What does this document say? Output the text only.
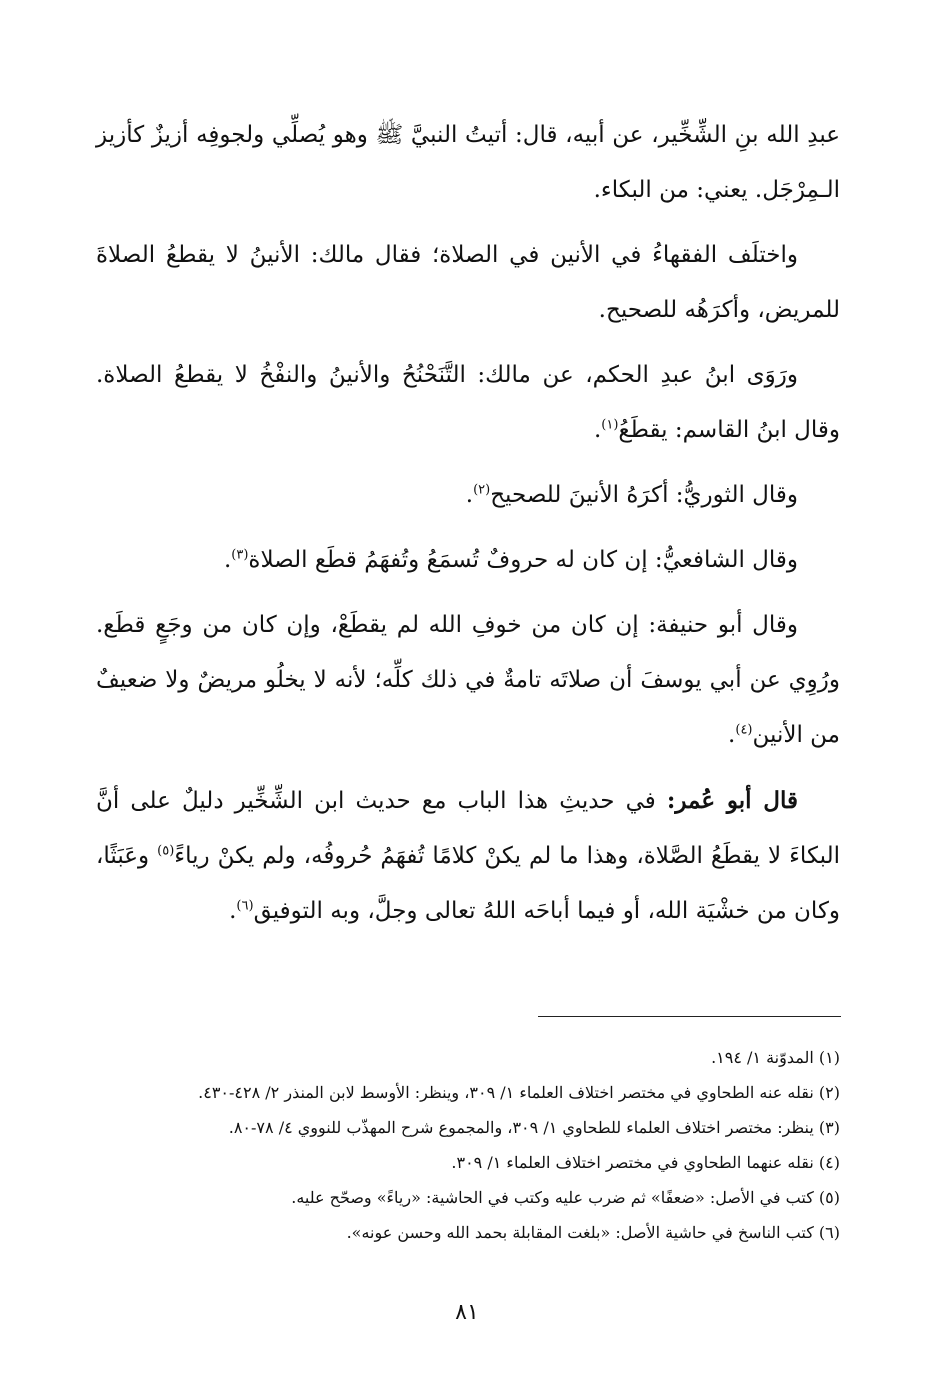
عبدِ الله بنِ الشِّخِّير، عن أبيه، قال: أتيتُ النبيَّ ﷺ وهو يُصلِّي ولجوفِه أزيزٌ كأزيز الـمِرْجَل. يعني: من البكاء.

واختلَف الفقهاءُ في الأنين في الصلاة؛ فقال مالك: الأنينُ لا يقطعُ الصلاةَ للمريض، وأكرَهُه للصحيح.

ورَوَى ابنُ عبدِ الحكم، عن مالك: التَّنَحْنُحُ والأنينُ والنفْخُ لا يقطعُ الصلاة. وقال ابنُ القاسم: يقطَعُ$^{(١)}$.

وقال الثوريُّ: أكرَهُ الأنينَ للصحيح$^{(٢)}$.

وقال الشافعيُّ: إن كان له حروفٌ تُسمَعُ وتُفهَمُ قطَع الصلاة$^{(٣)}$.

وقال أبو حنيفة: إن كان من خوفِ الله لم يقطَعْ، وإن كان من وجَعٍ قطَع. ورُوِي عن أبي يوسفَ أن صلاتَه تامةٌ في ذلك كلِّه؛ لأنه لا يخلُو مريضٌ ولا ضعيفٌ من الأنين$^{(٤)}$.

قال أبو عُمر: في حديثِ هذا الباب مع حديث ابن الشِّخِّير دليلٌ على أنَّ البكاءَ لا يقطَعُ الصَّلاة، وهذا ما لم يكنْ كلامًا تُفهَمُ حُروفُه، ولم يكنْ رياءً$^{(٥)}$ وعَبَثًا، وكان من خشْيَة الله، أو فيما أباحَه اللهُ تعالى وجلَّ، وبه التوفيق$^{(٦)}$.

(١) المدوّنة ١/ ١٩٤.

(٢) نقله عنه الطحاوي في مختصر اختلاف العلماء ١/ ٣٠٩، وينظر: الأوسط لابن المنذر ٢/ ٤٢٨-٤٣٠.

(٣) ينظر: مختصر اختلاف العلماء للطحاوي ١/ ٣٠٩، والمجموع شرح المهذّب للنووي ٤/ ٧٨-٨٠.

(٤) نقله عنهما الطحاوي في مختصر اختلاف العلماء ١/ ٣٠٩.

(٥) كتب في الأصل: «ضعفًا» ثم ضرب عليه وكتب في الحاشية: «رياءً» وصحّح عليه.

(٦) كتب الناسخ في حاشية الأصل: «بلغت المقابلة بحمد الله وحسن عونه».

٨١
